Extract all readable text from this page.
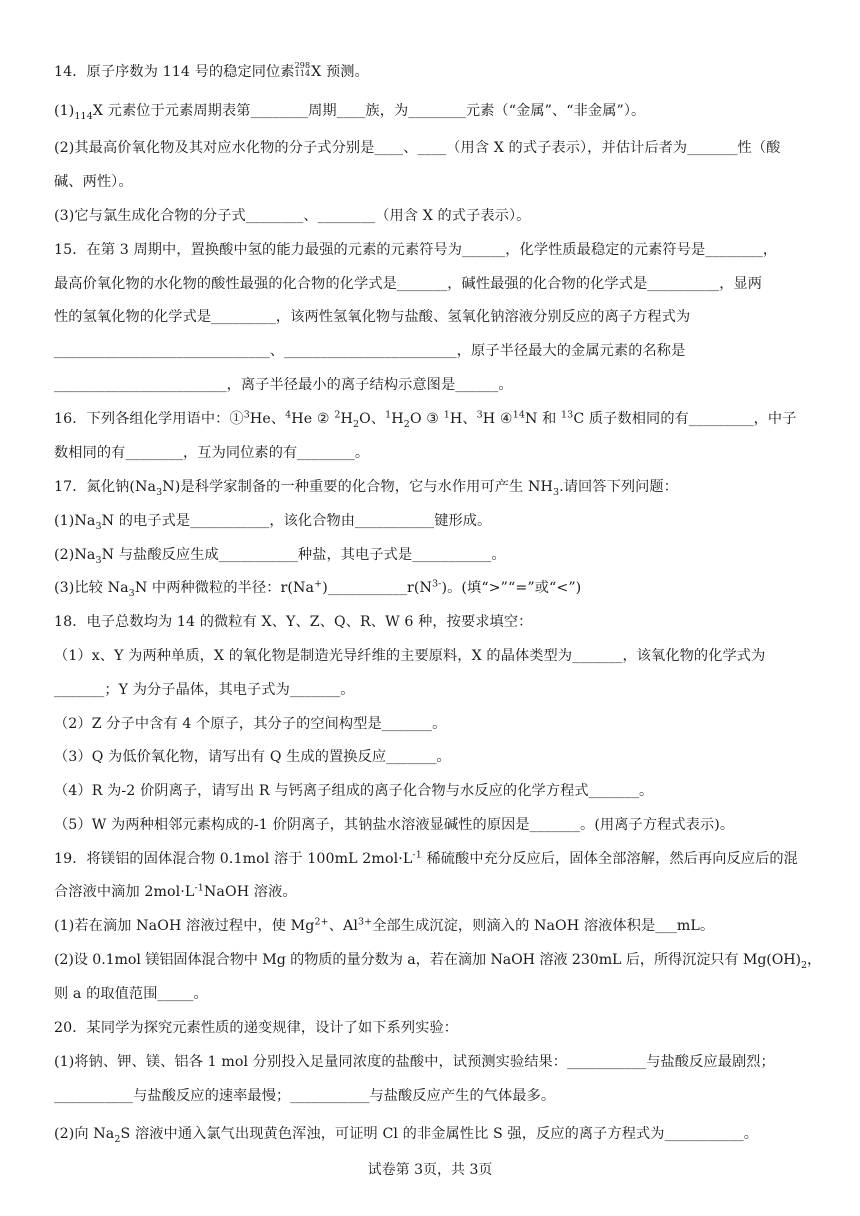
14．原子序数为 114 号的稳定同位素 298
114 X 预测。
$(1)_{114}X$ 元素位于元素周期表第________周期____族，为________元素（“金属”、“非金属”）。
(2)其最高价氧化物及其对应水化物的分子式分别是____、____（用含 X 的式子表示），并估计后者为_______性（酸
碱、两性）。
(3)它与氯生成化合物的分子式________、________（用含 X 的式子表示）。
15．在第 3 周期中，置换酸中氢的能力最强的元素的元素符号为______，化学性质最稳定的元素符号是________，
最高价氧化物的水化物的酸性最强的化合物的化学式是_______，碱性最强的化合物的化学式是__________，显两
性的氢氧化物的化学式是_________，该两性氢氧化物与盐酸、氢氧化钠溶液分别反应的离子方程式为
______________________________、________________________，原子半径最大的金属元素的名称是
________________________，离子半径最小的离子结构示意图是______。
16．下列各组化学用语中：①$^3$He、$^4$He ② $^2H_2O$、$^1H_2O$ ③ $^1$H、$^3$H ④$^{14}$N 和 $^{13}$C 质子数相同的有_________，中子
数相同的有________，互为同位素的有________。
17．氮化钠$(Na_3N)$是科学家制备的一种重要的化合物，它与水作用可产生 $NH_3$.请回答下列问题：
$(1)Na_3N$ 的电子式是___________，该化合物由___________键形成。
$(2)Na_3N$ 与盐酸反应生成___________种盐，其电子式是___________。
(3)比较 $Na_3N$ 中两种微粒的半径：$r(Na^+)\_\_\_\_\_\_\_\_\_\_\_r(N^{3-})$。(填“>”“=”或“<”)
18．电子总数均为 14 的微粒有 X、Y、Z、Q、R、W 6 种，按要求填空：
（1）x、Y 为两种单质，X 的氧化物是制造光导纤维的主要原料，X 的晶体类型为_______，该氧化物的化学式为
_______；Y 为分子晶体，其电子式为_______。
（2）Z 分子中含有 4 个原子，其分子的空间构型是_______。
（3）Q 为低价氧化物，请写出有 Q 生成的置换反应_______。
（4）R 为-2 价阴离子，请写出 R 与钙离子组成的离子化合物与水反应的化学方程式_______。
（5）W 为两种相邻元素构成的-1 价阴离子，其钠盐水溶液显碱性的原因是_______。(用离子方程式表示)。
19．将镁铝的固体混合物 0.1mol 溶于 100mL $2mol\cdot L^{-1}$ 稀硫酸中充分反应后，固体全部溶解，然后再向反应后的混
合溶液中滴加 $2mol\cdot L^{-1}NaOH$ 溶液。
(1)若在滴加 NaOH 溶液过程中，使 $Mg^{2+}$、$Al^{3+}$全部生成沉淀，则滴入的 NaOH 溶液体积是___mL。
(2)设 0.1mol 镁铝固体混合物中 Mg 的物质的量分数为 a，若在滴加 NaOH 溶液 230mL 后，所得沉淀只有 $Mg(OH)_2$，
则 a 的取值范围_____。
20．某同学为探究元素性质的递变规律，设计了如下系列实验：
(1)将钠、钾、镁、铝各 1 mol 分别投入足量同浓度的盐酸中，试预测实验结果：___________与盐酸反应最剧烈；
___________与盐酸反应的速率最慢；___________与盐酸反应产生的气体最多。
(2)向 $Na_2S$ 溶液中通入氯气出现黄色浑浊，可证明 Cl 的非金属性比 S 强，反应的离子方程式为___________。
试卷第 3页，共 3页
